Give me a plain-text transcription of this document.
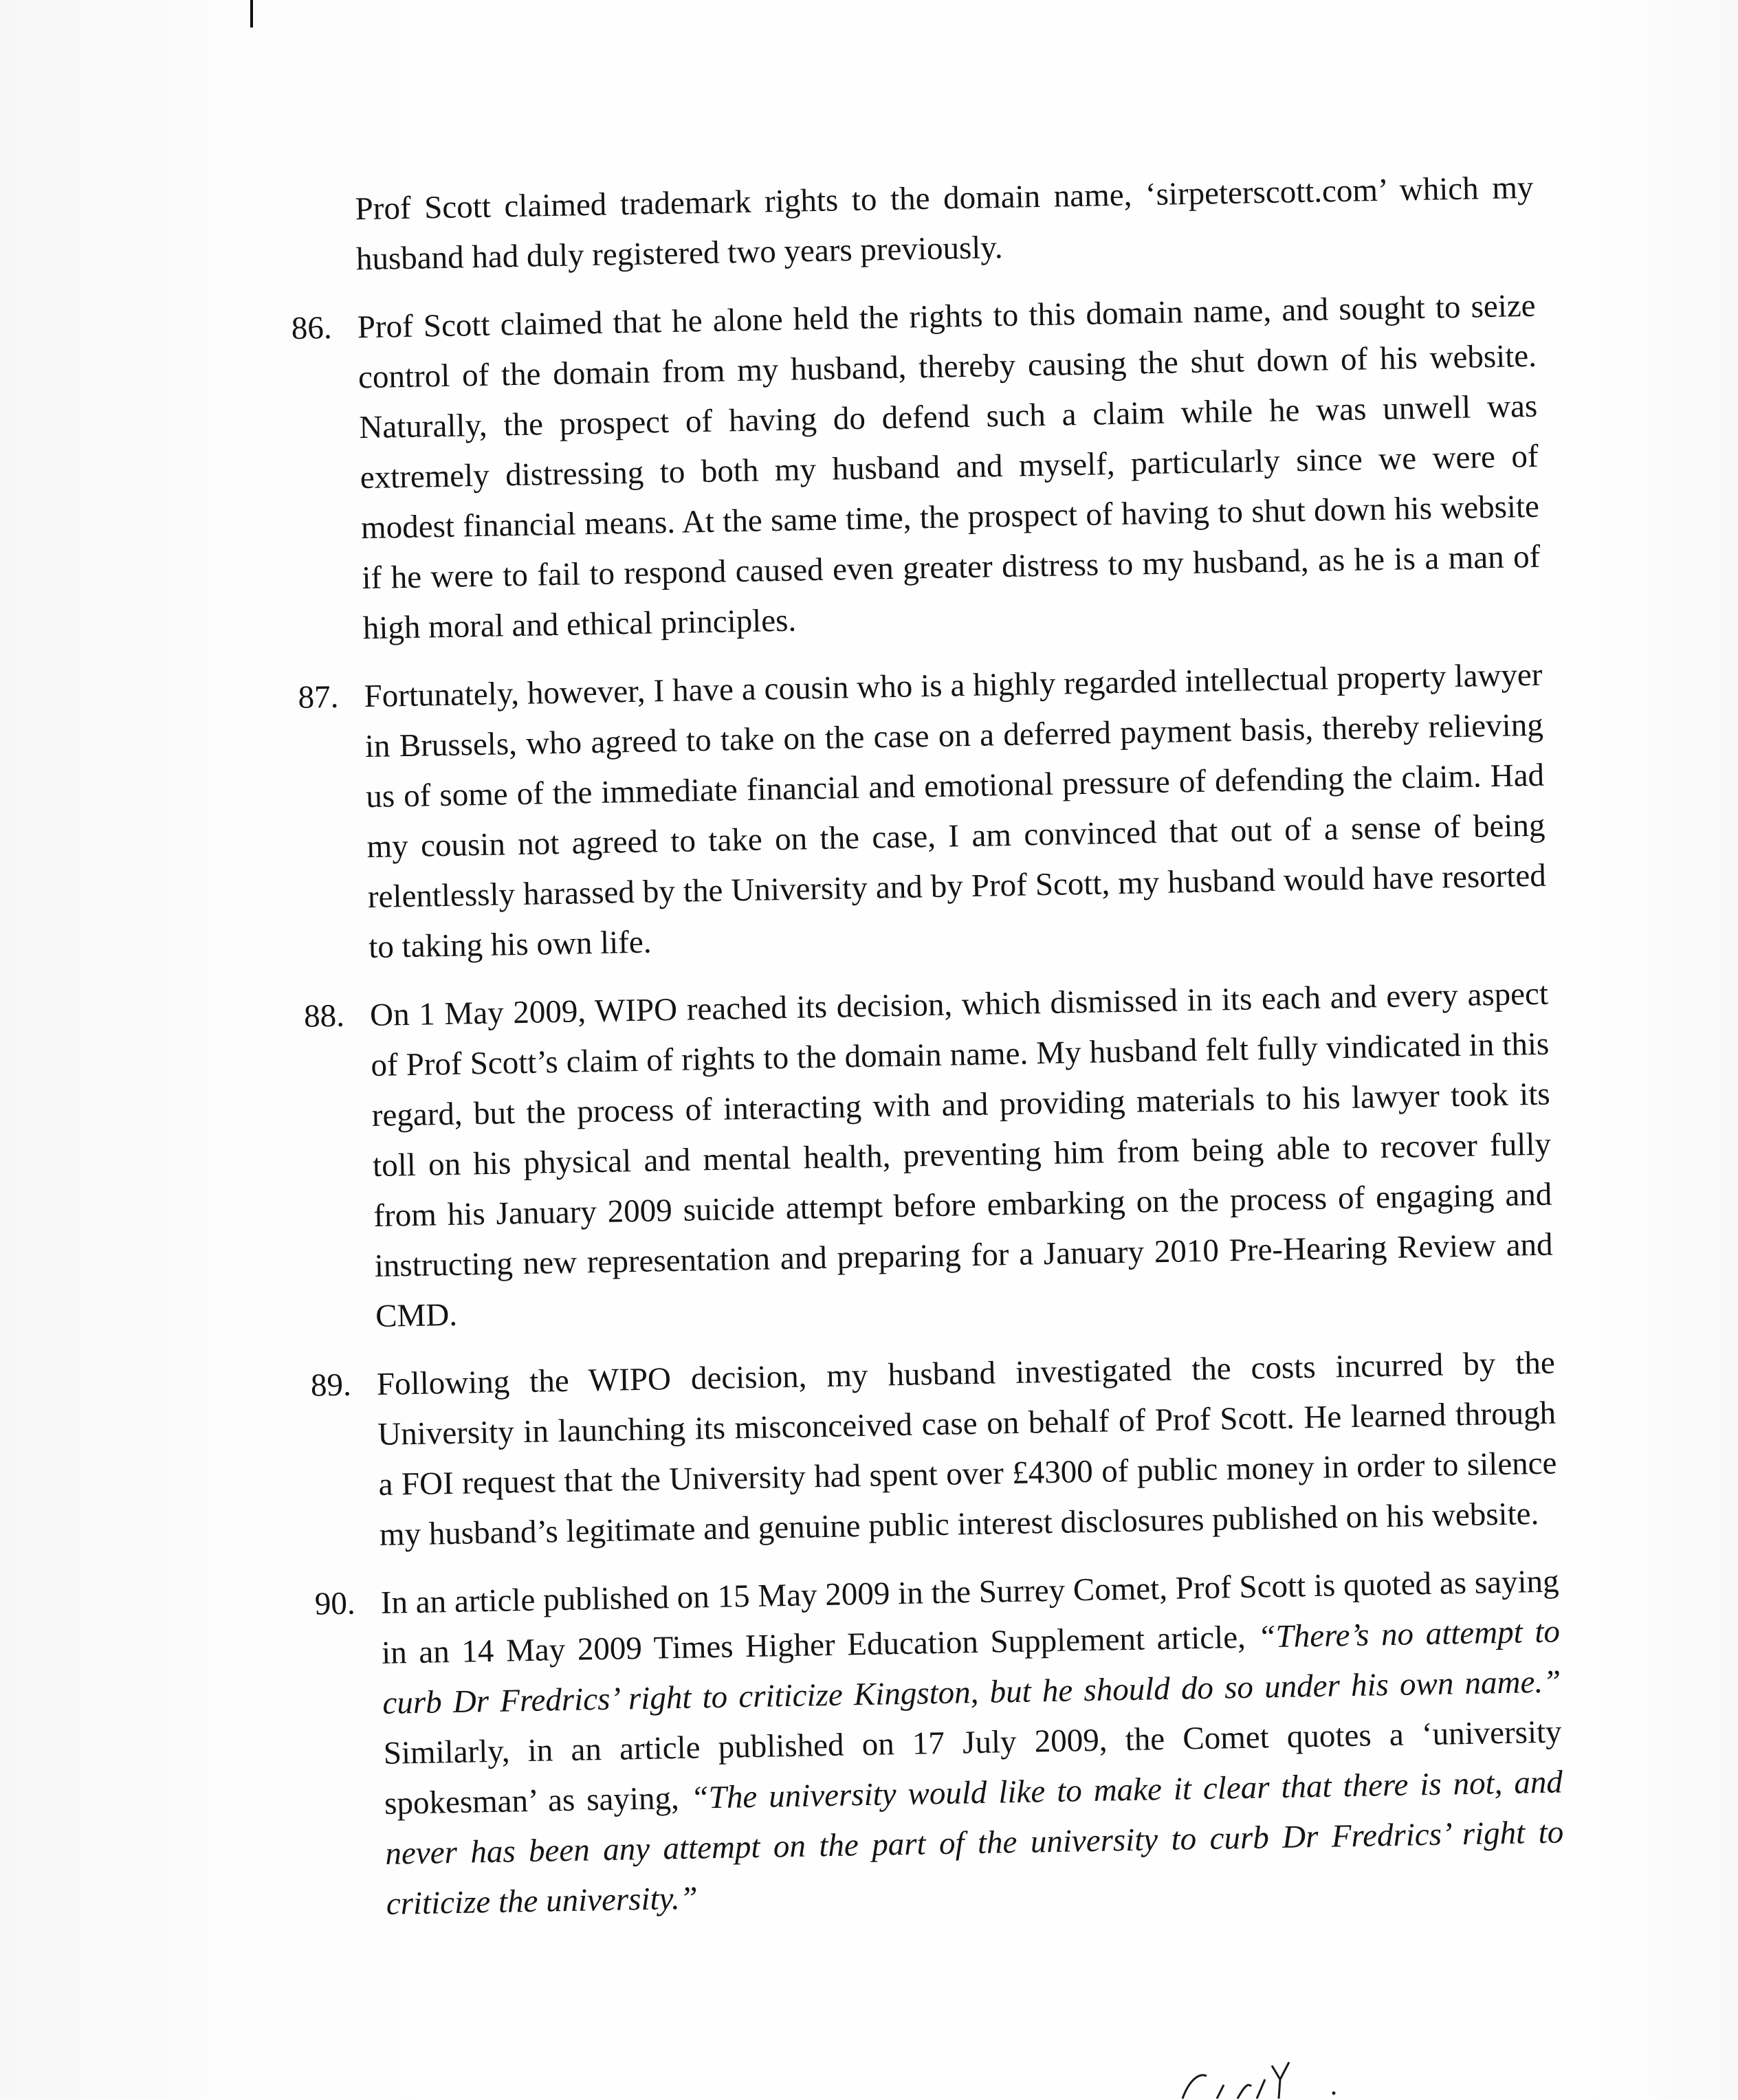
Prof Scott claimed trademark rights to the domain name, ‘sirpeterscott.com’ which my husband had duly registered two years previously.

86. Prof Scott claimed that he alone held the rights to this domain name, and sought to seize control of the domain from my husband, thereby causing the shut down of his website. Naturally, the prospect of having do defend such a claim while he was unwell was extremely distressing to both my husband and myself, particularly since we were of modest financial means. At the same time, the prospect of having to shut down his website if he were to fail to respond caused even greater distress to my husband, as he is a man of high moral and ethical principles.
87. Fortunately, however, I have a cousin who is a highly regarded intellectual property lawyer in Brussels, who agreed to take on the case on a deferred payment basis, thereby relieving us of some of the immediate financial and emotional pressure of defending the claim. Had my cousin not agreed to take on the case, I am convinced that out of a sense of being relentlessly harassed by the University and by Prof Scott, my husband would have resorted to taking his own life.
88. On 1 May 2009, WIPO reached its decision, which dismissed in its each and every aspect of Prof Scott’s claim of rights to the domain name. My husband felt fully vindicated in this regard, but the process of interacting with and providing materials to his lawyer took its toll on his physical and mental health, preventing him from being able to recover fully from his January 2009 suicide attempt before embarking on the process of engaging and instructing new representation and preparing for a January 2010 Pre-Hearing Review and CMD.
89. Following the WIPO decision, my husband investigated the costs incurred by the University in launching its misconceived case on behalf of Prof Scott. He learned through a FOI request that the University had spent over £4300 of public money in order to silence my husband’s legitimate and genuine public interest disclosures published on his website.
90. In an article published on 15 May 2009 in the Surrey Comet, Prof Scott is quoted as saying in an 14 May 2009 Times Higher Education Supplement article, “There’s no attempt to curb Dr Fredrics’ right to criticize Kingston, but he should do so under his own name.” Similarly, in an article published on 17 July 2009, the Comet quotes a ‘university spokesman’ as saying, “The university would like to make it clear that there is not, and never has been any attempt on the part of the university to curb Dr Fredrics’ right to criticize the university.”
